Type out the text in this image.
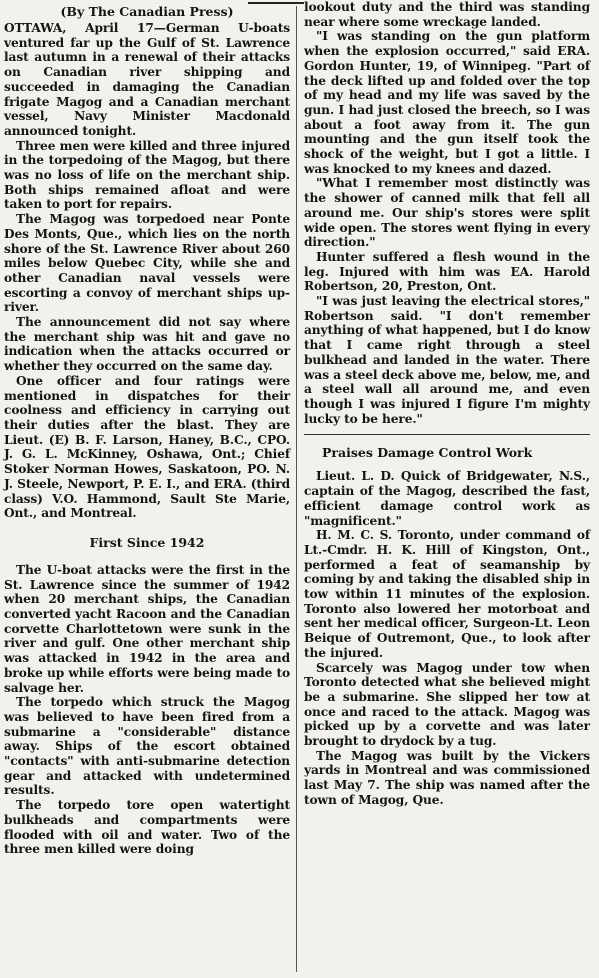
(By The Canadian Press)

OTTAWA, April 17—German U-boats ventured far up the Gulf of St. Lawrence last autumn in a renewal of their attacks on Canadian river shipping and succeeded in damaging the Canadian frigate Magog and a Canadian merchant vessel, Navy Minister Macdonald announced tonight.

Three men were killed and three injured in the torpedoing of the Magog, but there was no loss of life on the merchant ship. Both ships remained afloat and were taken to port for repairs.

The Magog was torpedoed near Ponte Des Monts, Que., which lies on the north shore of the St. Lawrence River about 260 miles below Quebec City, while she and other Canadian naval vessels were escorting a convoy of merchant ships up-river.

The announcement did not say where the merchant ship was hit and gave no indication when the attacks occurred or whether they occurred on the same day.

One officer and four ratings were mentioned in dispatches for their coolness and efficiency in carrying out their duties after the blast. They are Lieut. (E) B. F. Larson, Haney, B.C., CPO. J. G. L. McKinney, Oshawa, Ont.; Chief Stoker Norman Howes, Saskatoon, PO. N. J. Steele, Newport, P. E. I., and ERA. (third class) V.O. Hammond, Sault Ste Marie, Ont., and Montreal.

First Since 1942

The U-boat attacks were the first in the St. Lawrence since the summer of 1942 when 20 merchant ships, the Canadian converted yacht Racoon and the Canadian corvette Charlottetown were sunk in the river and gulf. One other merchant ship was attacked in 1942 in the area and broke up while efforts were being made to salvage her.

The torpedo which struck the Magog was believed to have been fired from a submarine a "considerable" distance away. Ships of the escort obtained "contacts" with anti-submarine detection gear and attacked with undetermined results.

The torpedo tore open watertight bulkheads and compartments were flooded with oil and water. Two of the three men killed were doing

lookout duty and the third was standing near where some wreckage landed.

"I was standing on the gun platform when the explosion occurred," said ERA. Gordon Hunter, 19, of Winnipeg. "Part of the deck lifted up and folded over the top of my head and my life was saved by the gun. I had just closed the breech, so I was about a foot away from it. The gun mounting and the gun itself took the shock of the weight, but I got a little. I was knocked to my knees and dazed.

"What I remember most distinctly was the shower of canned milk that fell all around me. Our ship's stores were split wide open. The stores went flying in every direction."

Hunter suffered a flesh wound in the leg. Injured with him was EA. Harold Robertson, 20, Preston, Ont.

"I was just leaving the electrical stores," Robertson said. "I don't remember anything of what happened, but I do know that I came right through a steel bulkhead and landed in the water. There was a steel deck above me, below, me, and a steel wall all around me, and even though I was injured I figure I'm mighty lucky to be here."

Praises Damage Control Work

Lieut. L. D. Quick of Bridgewater, N.S., captain of the Magog, described the fast, efficient damage control work as "magnificent."

H. M. C. S. Toronto, under command of Lt.-Cmdr. H. K. Hill of Kingston, Ont., performed a feat of seamanship by coming by and taking the disabled ship in tow within 11 minutes of the explosion. Toronto also lowered her motorboat and sent her medical officer, Surgeon-Lt. Leon Beique of Outremont, Que., to look after the injured.

Scarcely was Magog under tow when Toronto detected what she believed might be a submarine. She slipped her tow at once and raced to the attack. Magog was picked up by a corvette and was later brought to drydock by a tug.

The Magog was built by the Vickers yards in Montreal and was commissioned last May 7. The ship was named after the town of Magog, Que.
